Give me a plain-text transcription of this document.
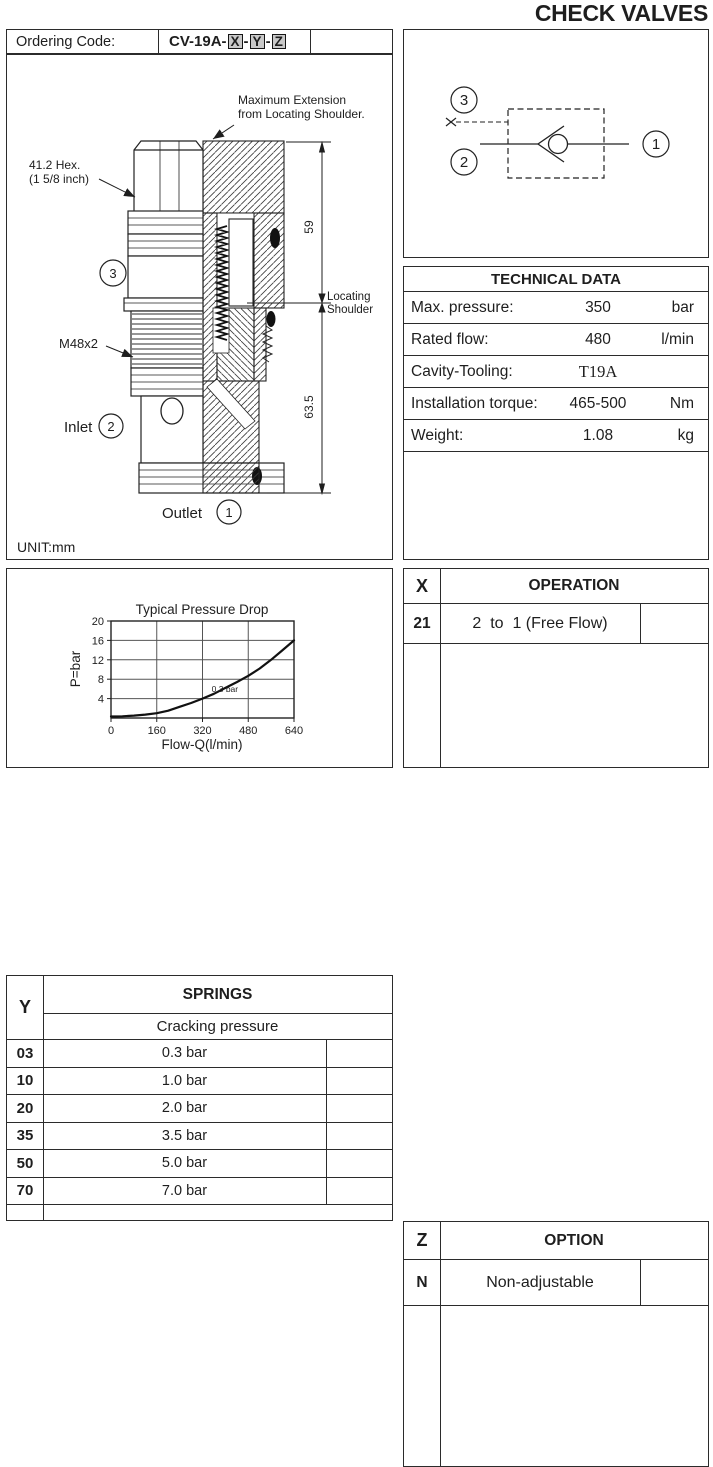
CHECK VALVES
Ordering Code:	CV-19A- X - Y - Z
3
2
1
Maximum Extension
from Locating Shoulder.
41.2 Hex.
(1 5/8 inch)
M48x2
Inlet
Outlet
59
63.5
Locating
Shoulder
UNIT:mm
1
2
3
TECHNICAL DATA
Max. pressure:	350	bar
Rated flow:	480	l/min
Cavity-Tooling:	T19A
Installation torque:	465-500	Nm
Weight:	1.08	kg
0	160 320 480 640
4
8
12
16
20
0.3 bar
Typical Pressure Drop
Flow-Q(l/min)
P=bar
X	OPERATION
21	2  to  1 (Free Flow)
Y
SPRINGS
Cracking pressure
03	0.3 bar
10	1.0 bar
20	2.0 bar
35	3.5 bar
50	5.0 bar
70	7.0 bar
Z	OPTION
N	Non-adjustable
